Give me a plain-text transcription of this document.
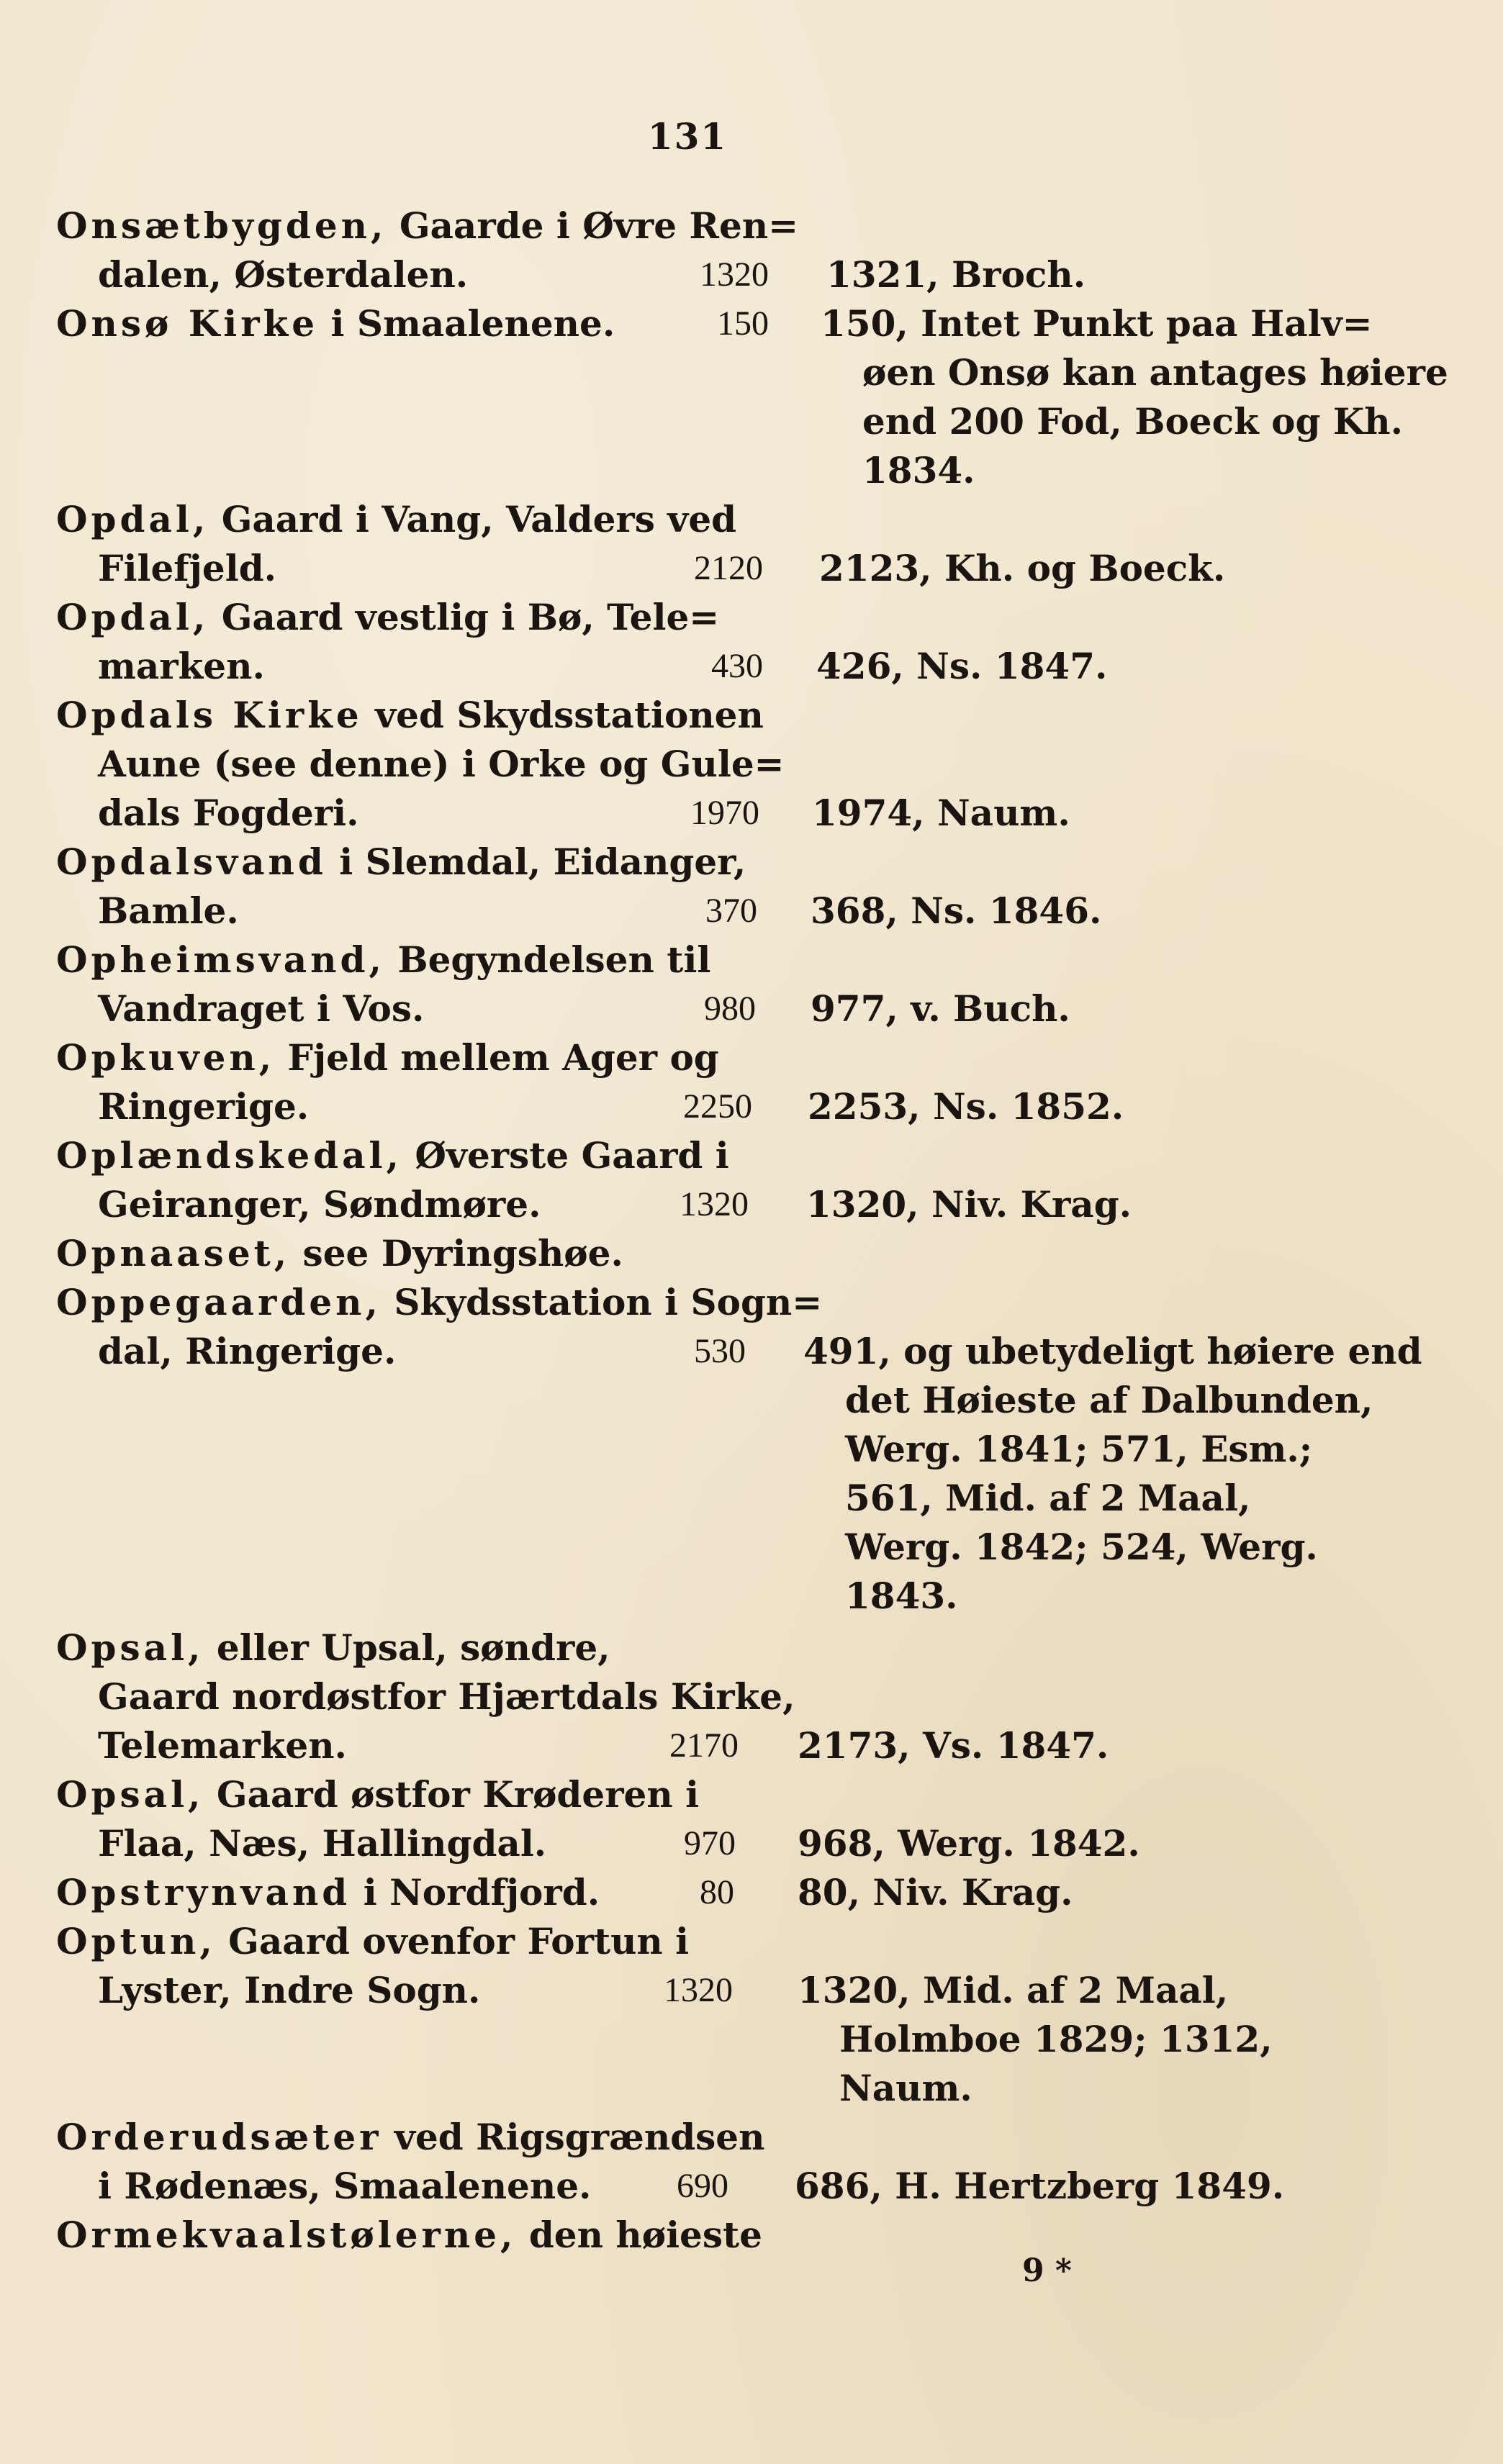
131
Onsætbygden, Gaarde i Øvre Ren=
dalen, Østerdalen.	1320 1321, Broch.
Onsø Kirke i Smaalenene.	150 150, Intet Punkt paa Halv=
øen Onsø kan antages høiere
end 200 Fod, Boeck og Kh.
1834.
Opdal, Gaard i Vang, Valders ved
Filefjeld.	2120 2123, Kh. og Boeck.
Opdal, Gaard vestlig i Bø, Tele=
marken.	430 426, Ns. 1847.
Opdals Kirke ved Skydsstationen
Aune (see denne) i Orke og Gule=
dals Fogderi.	1970 1974, Naum.
Opdalsvand i Slemdal, Eidanger,
Bamle.	370 368, Ns. 1846.
Opheimsvand, Begyndelsen til
Vandraget i Vos.	980 977, v. Buch.
Opkuven, Fjeld mellem Ager og
Ringerige.	2250 2253, Ns. 1852.
Oplændskedal, Øverste Gaard i
Geiranger, Søndmøre.	1320 1320, Niv. Krag.
Opnaaset, see Dyringshøe.
Oppegaarden, Skydsstation i Sogn=
dal, Ringerige.	530 491, og ubetydeligt høiere end
det Høieste af Dalbunden,
Werg. 1841; 571, Esm.;
561, Mid. af 2 Maal,
Werg. 1842; 524, Werg.
1843.
Opsal, eller Upsal, søndre,
Gaard nordøstfor Hjærtdals Kirke,
Telemarken.	2170 2173, Vs. 1847.
Opsal, Gaard østfor Krøderen i
Flaa, Næs, Hallingdal.	970 968, Werg. 1842.
Opstrynvand i Nordfjord.	80 80, Niv. Krag.
Optun, Gaard ovenfor Fortun i
Lyster, Indre Sogn.	1320 1320, Mid. af 2 Maal,
Holmboe 1829; 1312,
Naum.
Orderudsæter ved Rigsgrændsen
i Rødenæs, Smaalenene.	690 686, H. Hertzberg 1849.
Ormekvaalstølerne, den høieste
9 *
